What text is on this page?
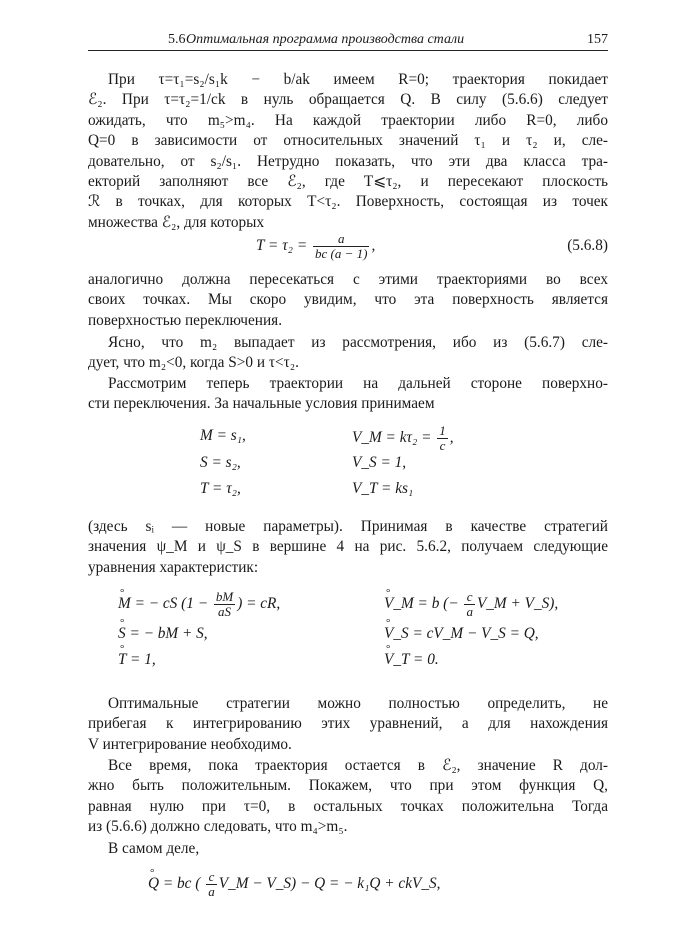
5.6 Оптимальная программа производства стали	157
При τ=τ₁=s₂/s₁k − b/ak имеем R=0; траектория покидает
ℰ₂. При τ=τ₂=1/ck в нуль обращается Q. В силу (5.6.6) следует
ожидать, что m₅>m₄. На каждой траектории либо R=0, либо
Q=0 в зависимости от относительных значений τ₁ и τ₂ и, сле-
довательно, от s₂/s₁. Нетрудно показать, что эти два класса тра-
екторий заполняют все ℰ₂, где T⩽τ₂, и пересекают плоскость
ℛ в точках, для которых T<τ₂. Поверхность, состоящая из точек
множества ℰ₂, для которых
$T = \tau_2 = \frac{a}{bc (a - 1)}$ ,	(5.6.8)
аналогично должна пересекаться с этими траекториями во всех
своих точках. Мы скоро увидим, что эта поверхность является
поверхностью переключения.
Ясно, что m₂ выпадает из рассмотрения, ибо из (5.6.7) сле-
дует, что m₂<0, когда S>0 и τ<τ₂.
Рассмотрим теперь траектории на дальней стороне поверхно-
сти переключения. За начальные условия принимаем
M = s₁,
S = s₂,
T = τ₂,
V_M = $k\tau_2 = \frac{1}{c}$ ,
V_S = 1,
V_T = ks₁
(здесь sᵢ — новые параметры). Принимая в качестве стратегий
значения ψ_M и ψ_S в вершине 4 на рис. 5.6.2, получаем следующие
уравнения характеристик:
° M = − cS ($1 - \frac{bM}{aS}$ ) = cR,
° S = − bM + S,
° T = 1,
° V_M = b (− $\frac{c}{a}$ V_M + V_S),
° V_S = cV_M − V_S = Q,
° V_T = 0.
Оптимальные стратегии можно полностью определить, не
прибегая к интегрированию этих уравнений, а для нахождения
V интегрирование необходимо.
Все время, пока траектория остается в ℰ₂, значение R дол-
жно быть положительным. Покажем, что при этом функция Q,
равная нулю при τ=0, в остальных точках положительна Тогда
из (5.6.6) должно следовать, что m₄>m₅.
В самом деле,
° Q = bc ( $\frac{c}{a}$ V_M − V_S) − Q = − k₁Q + ckV_S,
